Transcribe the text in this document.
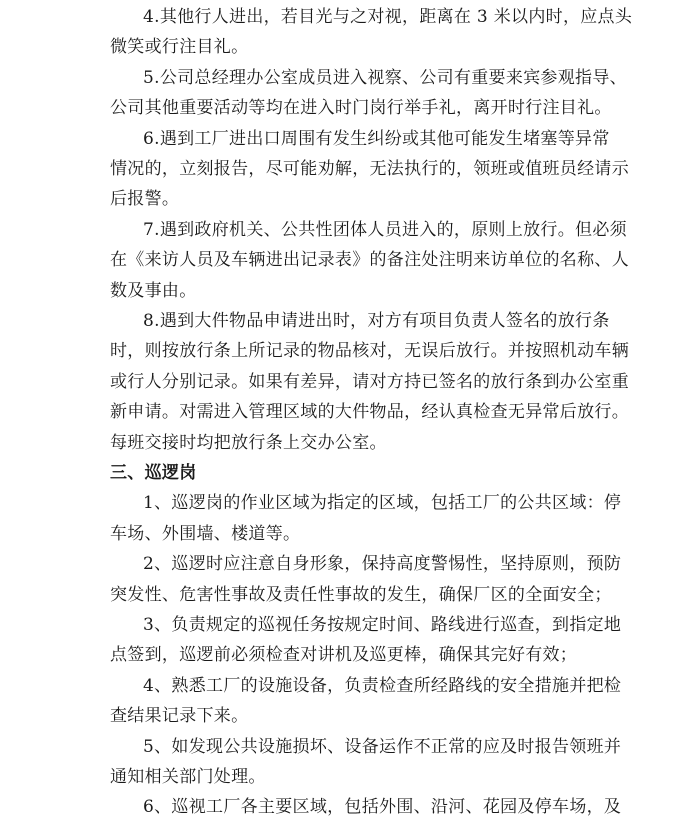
4.其他行人进出，若目光与之对视，距离在 3 米以内时，应点头
微笑或行注目礼。
5.公司总经理办公室成员进入视察、公司有重要来宾参观指导、
公司其他重要活动等均在进入时门岗行举手礼，离开时行注目礼。
6.遇到工厂进出口周围有发生纠纷或其他可能发生堵塞等异常
情况的，立刻报告，尽可能劝解，无法执行的，领班或值班员经请示
后报警。
7.遇到政府机关、公共性团体人员进入的，原则上放行。但必须
在《来访人员及车辆进出记录表》的备注处注明来访单位的名称、人
数及事由。
8.遇到大件物品申请进出时，对方有项目负责人签名的放行条
时，则按放行条上所记录的物品核对，无误后放行。并按照机动车辆
或行人分别记录。如果有差异，请对方持已签名的放行条到办公室重
新申请。对需进入管理区域的大件物品，经认真检查无异常后放行。
每班交接时均把放行条上交办公室。
三、巡逻岗
1、巡逻岗的作业区域为指定的区域，包括工厂的公共区域：停
车场、外围墙、楼道等。
2、巡逻时应注意自身形象，保持高度警惕性，坚持原则，预防
突发性、危害性事故及责任性事故的发生，确保厂区的全面安全；
3、负责规定的巡视任务按规定时间、路线进行巡查，到指定地
点签到，巡逻前必须检查对讲机及巡更棒，确保其完好有效；
4、熟悉工厂的设施设备，负责检查所经路线的安全措施并把检
查结果记录下来。
5、如发现公共设施损坏、设备运作不正常的应及时报告领班并
通知相关部门处理。
6、巡视工厂各主要区域，包括外围、沿河、花园及停车场，及
